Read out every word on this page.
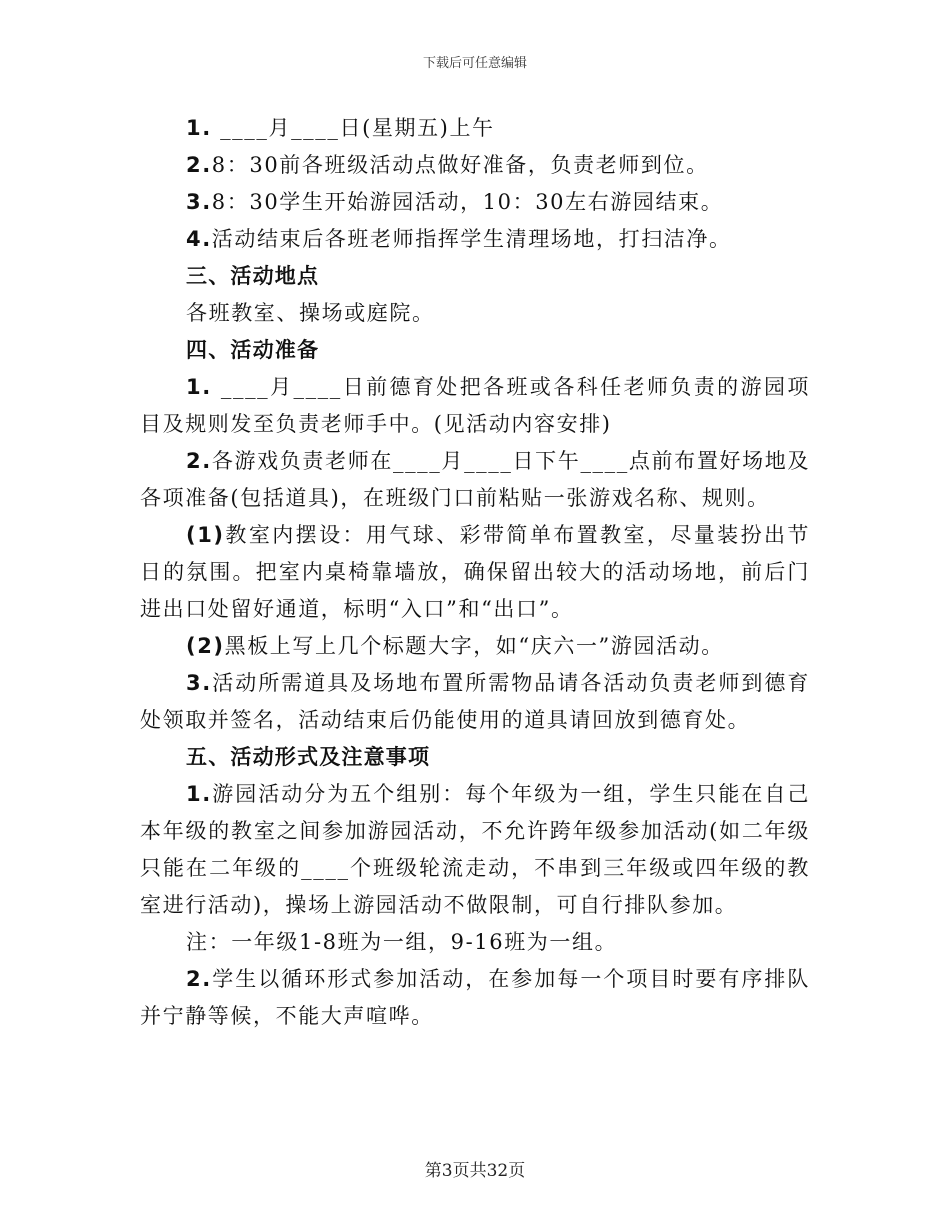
下载后可任意编辑

1. ____月____日(星期五)上午

2.8：30前各班级活动点做好准备，负责老师到位。

3.8：30学生开始游园活动，10：30左右游园结束。

4.活动结束后各班老师指挥学生清理场地，打扫洁净。

三、活动地点

各班教室、操场或庭院。

四、活动准备

1. ____月____日前德育处把各班或各科任老师负责的游园项目及规则发至负责老师手中。(见活动内容安排)

2.各游戏负责老师在____月____日下午____点前布置好场地及各项准备(包括道具)，在班级门口前粘贴一张游戏名称、规则。

(1)教室内摆设：用气球、彩带简单布置教室，尽量装扮出节日的氛围。把室内桌椅靠墙放，确保留出较大的活动场地，前后门进出口处留好通道，标明“入口”和“出口”。

(2)黑板上写上几个标题大字，如“庆六一”游园活动。

3.活动所需道具及场地布置所需物品请各活动负责老师到德育处领取并签名，活动结束后仍能使用的道具请回放到德育处。

五、活动形式及注意事项

1.游园活动分为五个组别：每个年级为一组，学生只能在自己本年级的教室之间参加游园活动，不允许跨年级参加活动(如二年级只能在二年级的____个班级轮流走动，不串到三年级或四年级的教室进行活动)，操场上游园活动不做限制，可自行排队参加。

注：一年级1-8班为一组，9-16班为一组。

2.学生以循环形式参加活动，在参加每一个项目时要有序排队并宁静等候，不能大声喧哗。

第3页共32页
